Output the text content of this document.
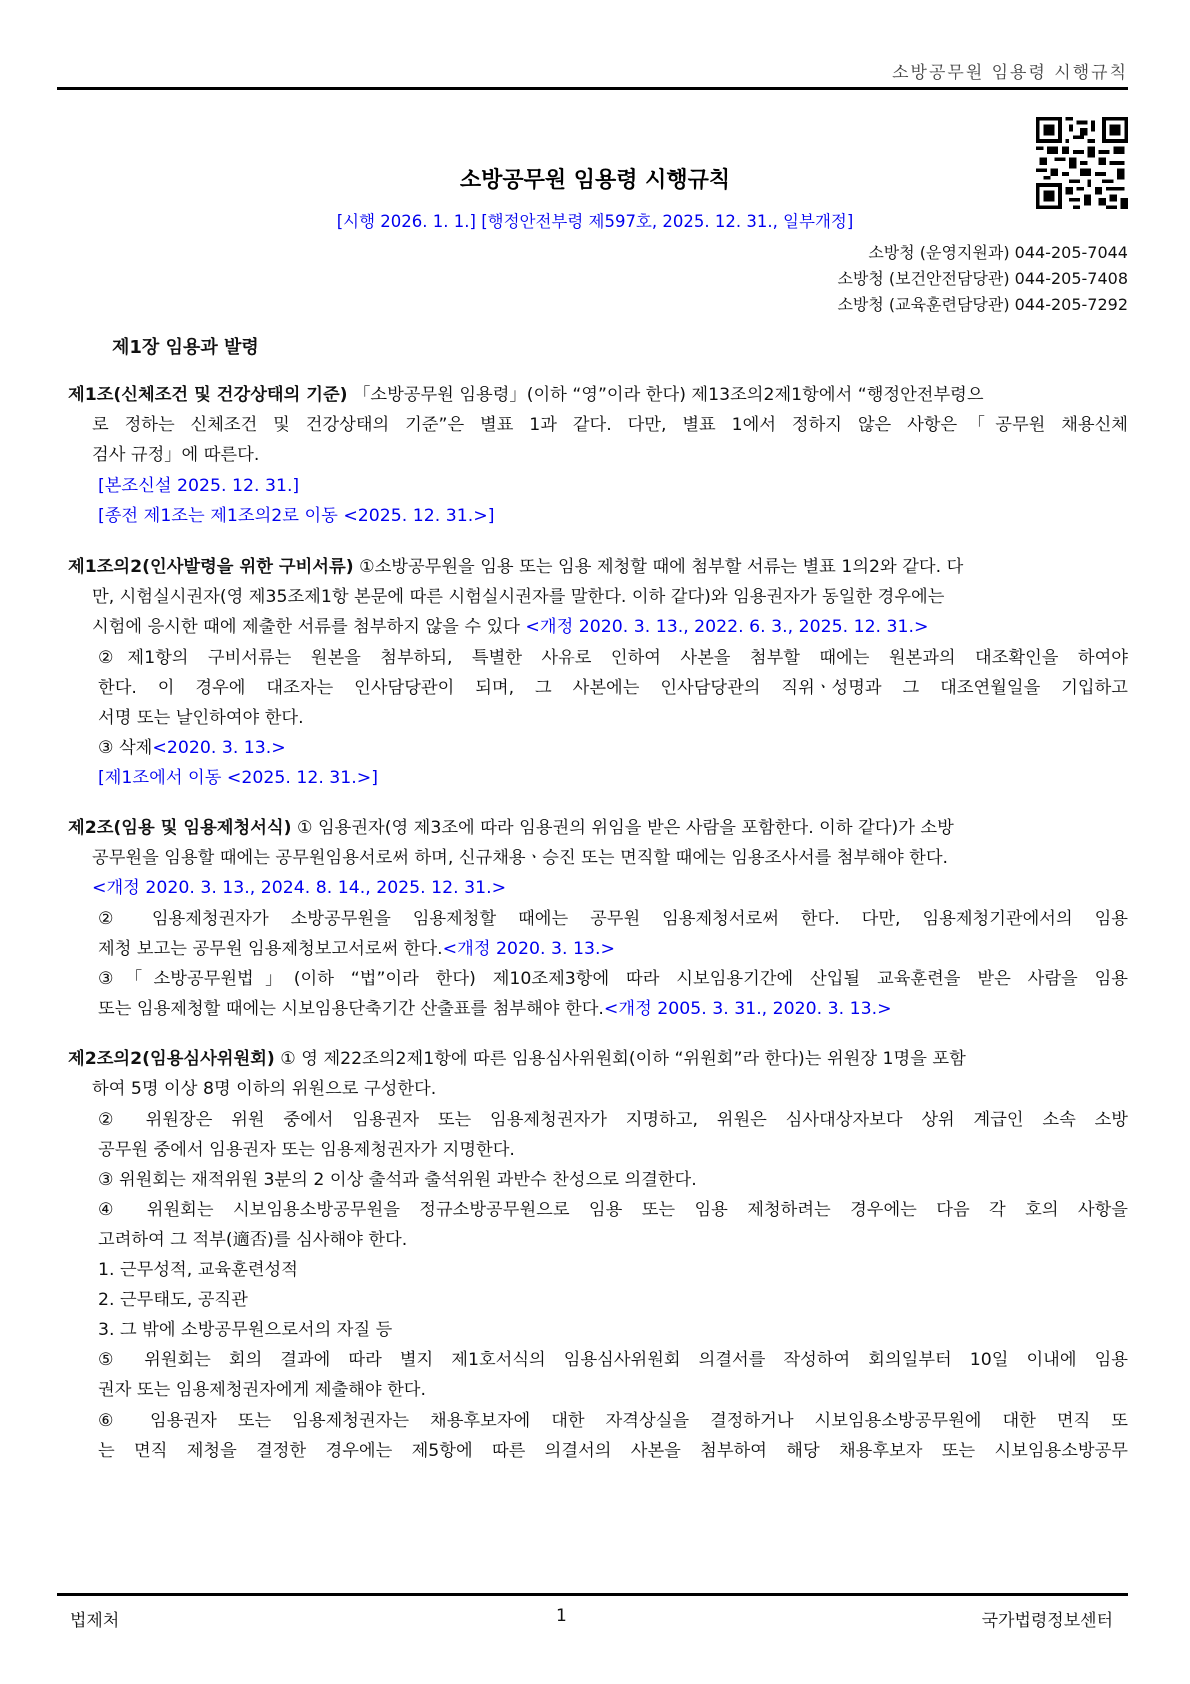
소방공무원 임용령 시행규칙
소방공무원 임용령 시행규칙
[시행 2026. 1. 1.] [행정안전부령 제597호, 2025. 12. 31., 일부개정]
소방청 (운영지원과) 044-205-7044
소방청 (보건안전담당관) 044-205-7408
소방청 (교육훈련담당관) 044-205-7292
제1장 임용과 발령
제1조(신체조건 및 건강상태의 기준) 「소방공무원 임용령」(이하 “영”이라 한다) 제13조의2제1항에서 “행정안전부령으
로 정하는 신체조건 및 건강상태의 기준”은 별표 1과 같다. 다만, 별표 1에서 정하지 않은 사항은「공무원 채용신체
검사 규정」에 따른다.
[본조신설 2025. 12. 31.]
[종전 제1조는 제1조의2로 이동 <2025. 12. 31.>]
제1조의2(인사발령을 위한 구비서류) ①소방공무원을 임용 또는 임용 제청할 때에 첨부할 서류는 별표 1의2와 같다. 다
만, 시험실시권자(영 제35조제1항 본문에 따른 시험실시권자를 말한다. 이하 같다)와 임용권자가 동일한 경우에는
시험에 응시한 때에 제출한 서류를 첨부하지 않을 수 있다 <개정 2020. 3. 13., 2022. 6. 3., 2025. 12. 31.>
②제1항의 구비서류는 원본을 첨부하되, 특별한 사유로 인하여 사본을 첨부할 때에는 원본과의 대조확인을 하여야
한다. 이 경우에 대조자는 인사담당관이 되며, 그 사본에는 인사담당관의 직위ㆍ성명과 그 대조연월일을 기입하고
서명 또는 날인하여야 한다.
③ 삭제<2020. 3. 13.>
[제1조에서 이동 <2025. 12. 31.>]
제2조(임용 및 임용제청서식) ① 임용권자(영 제3조에 따라 임용권의 위임을 받은 사람을 포함한다. 이하 같다)가 소방
공무원을 임용할 때에는 공무원임용서로써 하며, 신규채용ㆍ승진 또는 면직할 때에는 임용조사서를 첨부해야 한다.
<개정 2020. 3. 13., 2024. 8. 14., 2025. 12. 31.>
② 임용제청권자가 소방공무원을 임용제청할 때에는 공무원 임용제청서로써 한다. 다만, 임용제청기관에서의 임용
제청 보고는 공무원 임용제청보고서로써 한다.<개정 2020. 3. 13.>
③「소방공무원법」(이하 “법”이라 한다) 제10조제3항에 따라 시보임용기간에 산입될 교육훈련을 받은 사람을 임용
또는 임용제청할 때에는 시보임용단축기간 산출표를 첨부해야 한다.<개정 2005. 3. 31., 2020. 3. 13.>
제2조의2(임용심사위원회) ① 영 제22조의2제1항에 따른 임용심사위원회(이하 “위원회”라 한다)는 위원장 1명을 포함
하여 5명 이상 8명 이하의 위원으로 구성한다.
② 위원장은 위원 중에서 임용권자 또는 임용제청권자가 지명하고, 위원은 심사대상자보다 상위 계급인 소속 소방
공무원 중에서 임용권자 또는 임용제청권자가 지명한다.
③ 위원회는 재적위원 3분의 2 이상 출석과 출석위원 과반수 찬성으로 의결한다.
④ 위원회는 시보임용소방공무원을 정규소방공무원으로 임용 또는 임용 제청하려는 경우에는 다음 각 호의 사항을
고려하여 그 적부(適否)를 심사해야 한다.
1. 근무성적, 교육훈련성적
2. 근무태도, 공직관
3. 그 밖에 소방공무원으로서의 자질 등
⑤ 위원회는 회의 결과에 따라 별지 제1호서식의 임용심사위원회 의결서를 작성하여 회의일부터 10일 이내에 임용
권자 또는 임용제청권자에게 제출해야 한다.
⑥ 임용권자 또는 임용제청권자는 채용후보자에 대한 자격상실을 결정하거나 시보임용소방공무원에 대한 면직 또
는 면직 제청을 결정한 경우에는 제5항에 따른 의결서의 사본을 첨부하여 해당 채용후보자 또는 시보임용소방공무
법제처	1	국가법령정보센터
